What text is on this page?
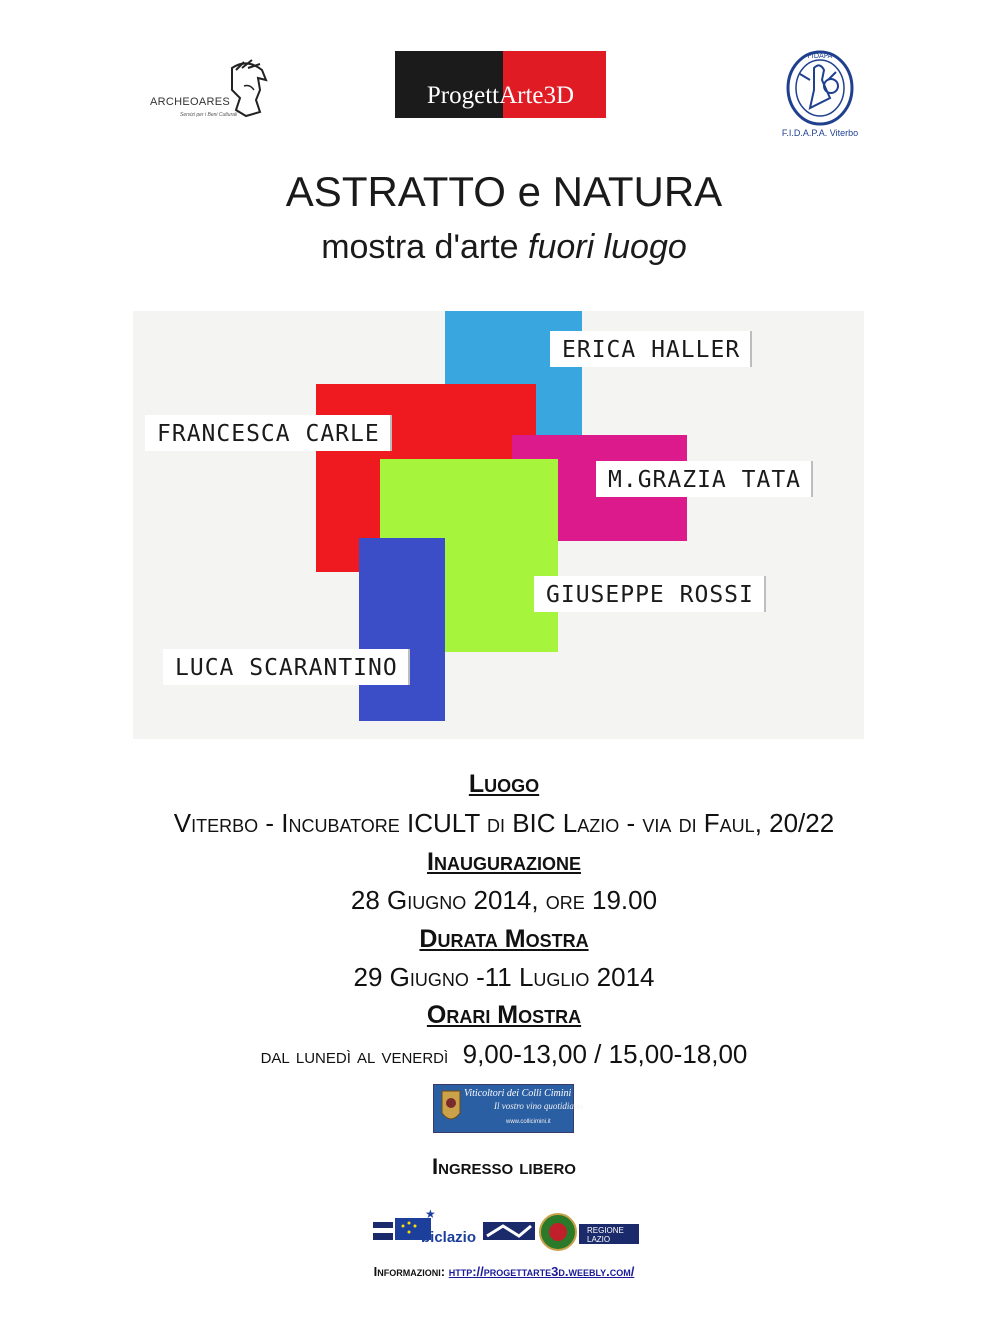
ARCHEOARES
Servizi per i Beni Culturali
ProgettArte3D
FIDAPA
F.I.D.A.P.A. Viterbo
ASTRATTO e NATURA
mostra d'arte fuori luogo
ERICA HALLER
FRANCESCA CARLE
M.GRAZIA TATA
GIUSEPPE ROSSI
LUCA SCARANTINO
Luogo
Viterbo - Incubatore ICULT di BIC Lazio - via di Faul, 20/22
Inaugurazione
28 Giugno 2014, ore 19.00
Durata Mostra
29 Giugno -11 Luglio 2014
Orari Mostra
dal lunedì al venerdì 9,00-13,00 / 15,00-18,00
Viticoltori dei Colli Cimini
Il vostro vino quotidiano
www.collicimini.it
Ingresso libero
★
biclazio	REGIONE
LAZIO
Informazioni: http://progettarte3d.weebly.com/
